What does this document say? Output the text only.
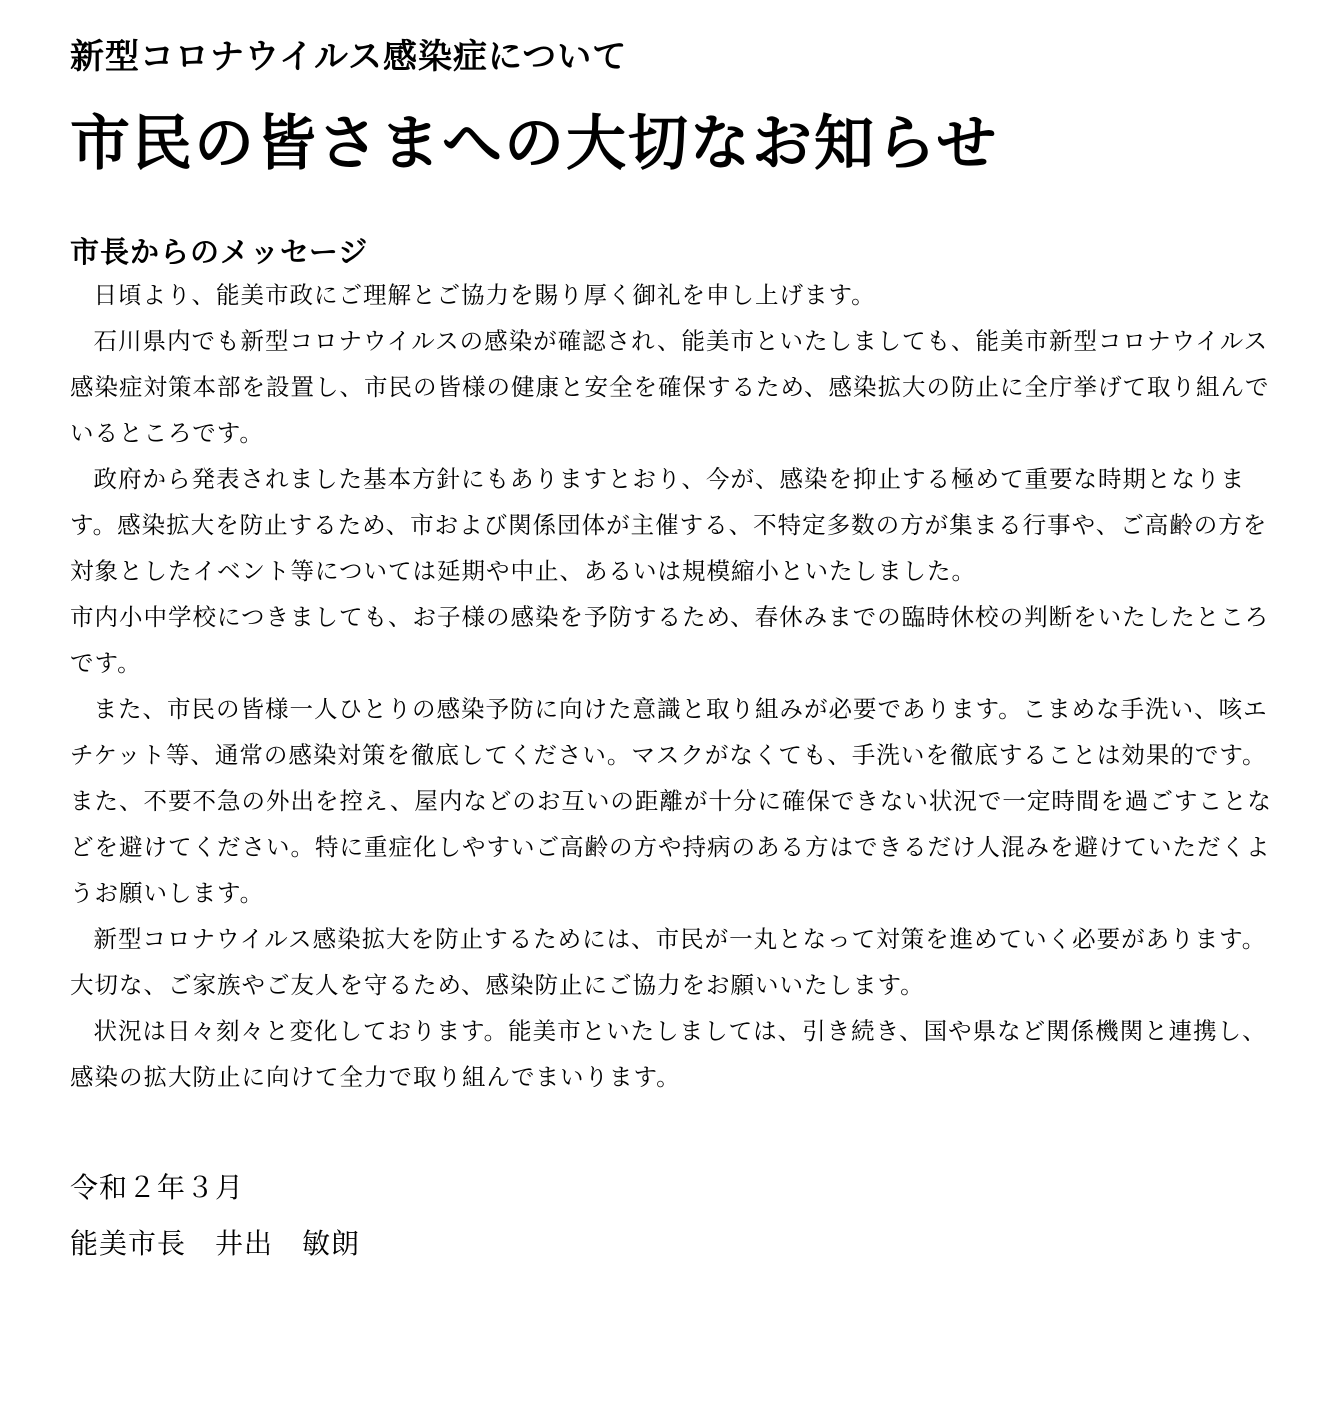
新型コロナウイルス感染症について
市民の皆さまへの大切なお知らせ
市長からのメッセージ

日頃より、能美市政にご理解とご協力を賜り厚く御礼を申し上げます。

石川県内でも新型コロナウイルスの感染が確認され、能美市といたしましても、能美市新型コロナウイルス感染症対策本部を設置し、市民の皆様の健康と安全を確保するため、感染拡大の防止に全庁挙げて取り組んでいるところです。

政府から発表されました基本方針にもありますとおり、今が、感染を抑止する極めて重要な時期となります。感染拡大を防止するため、市および関係団体が主催する、不特定多数の方が集まる行事や、ご高齢の方を対象としたイベント等については延期や中止、あるいは規模縮小といたしました。

市内小中学校につきましても、お子様の感染を予防するため、春休みまでの臨時休校の判断をいたしたところです。

また、市民の皆様一人ひとりの感染予防に向けた意識と取り組みが必要であります。こまめな手洗い、咳エチケット等、通常の感染対策を徹底してください。マスクがなくても、手洗いを徹底することは効果的です。また、不要不急の外出を控え、屋内などのお互いの距離が十分に確保できない状況で一定時間を過ごすことなどを避けてください。特に重症化しやすいご高齢の方や持病のある方はできるだけ人混みを避けていただくようお願いします。

新型コロナウイルス感染拡大を防止するためには、市民が一丸となって対策を進めていく必要があります。大切な、ご家族やご友人を守るため、感染防止にご協力をお願いいたします。

状況は日々刻々と変化しております。能美市といたしましては、引き続き、国や県など関係機関と連携し、感染の拡大防止に向けて全力で取り組んでまいります。

令和２年３月
能美市長　 井出　敏朗
